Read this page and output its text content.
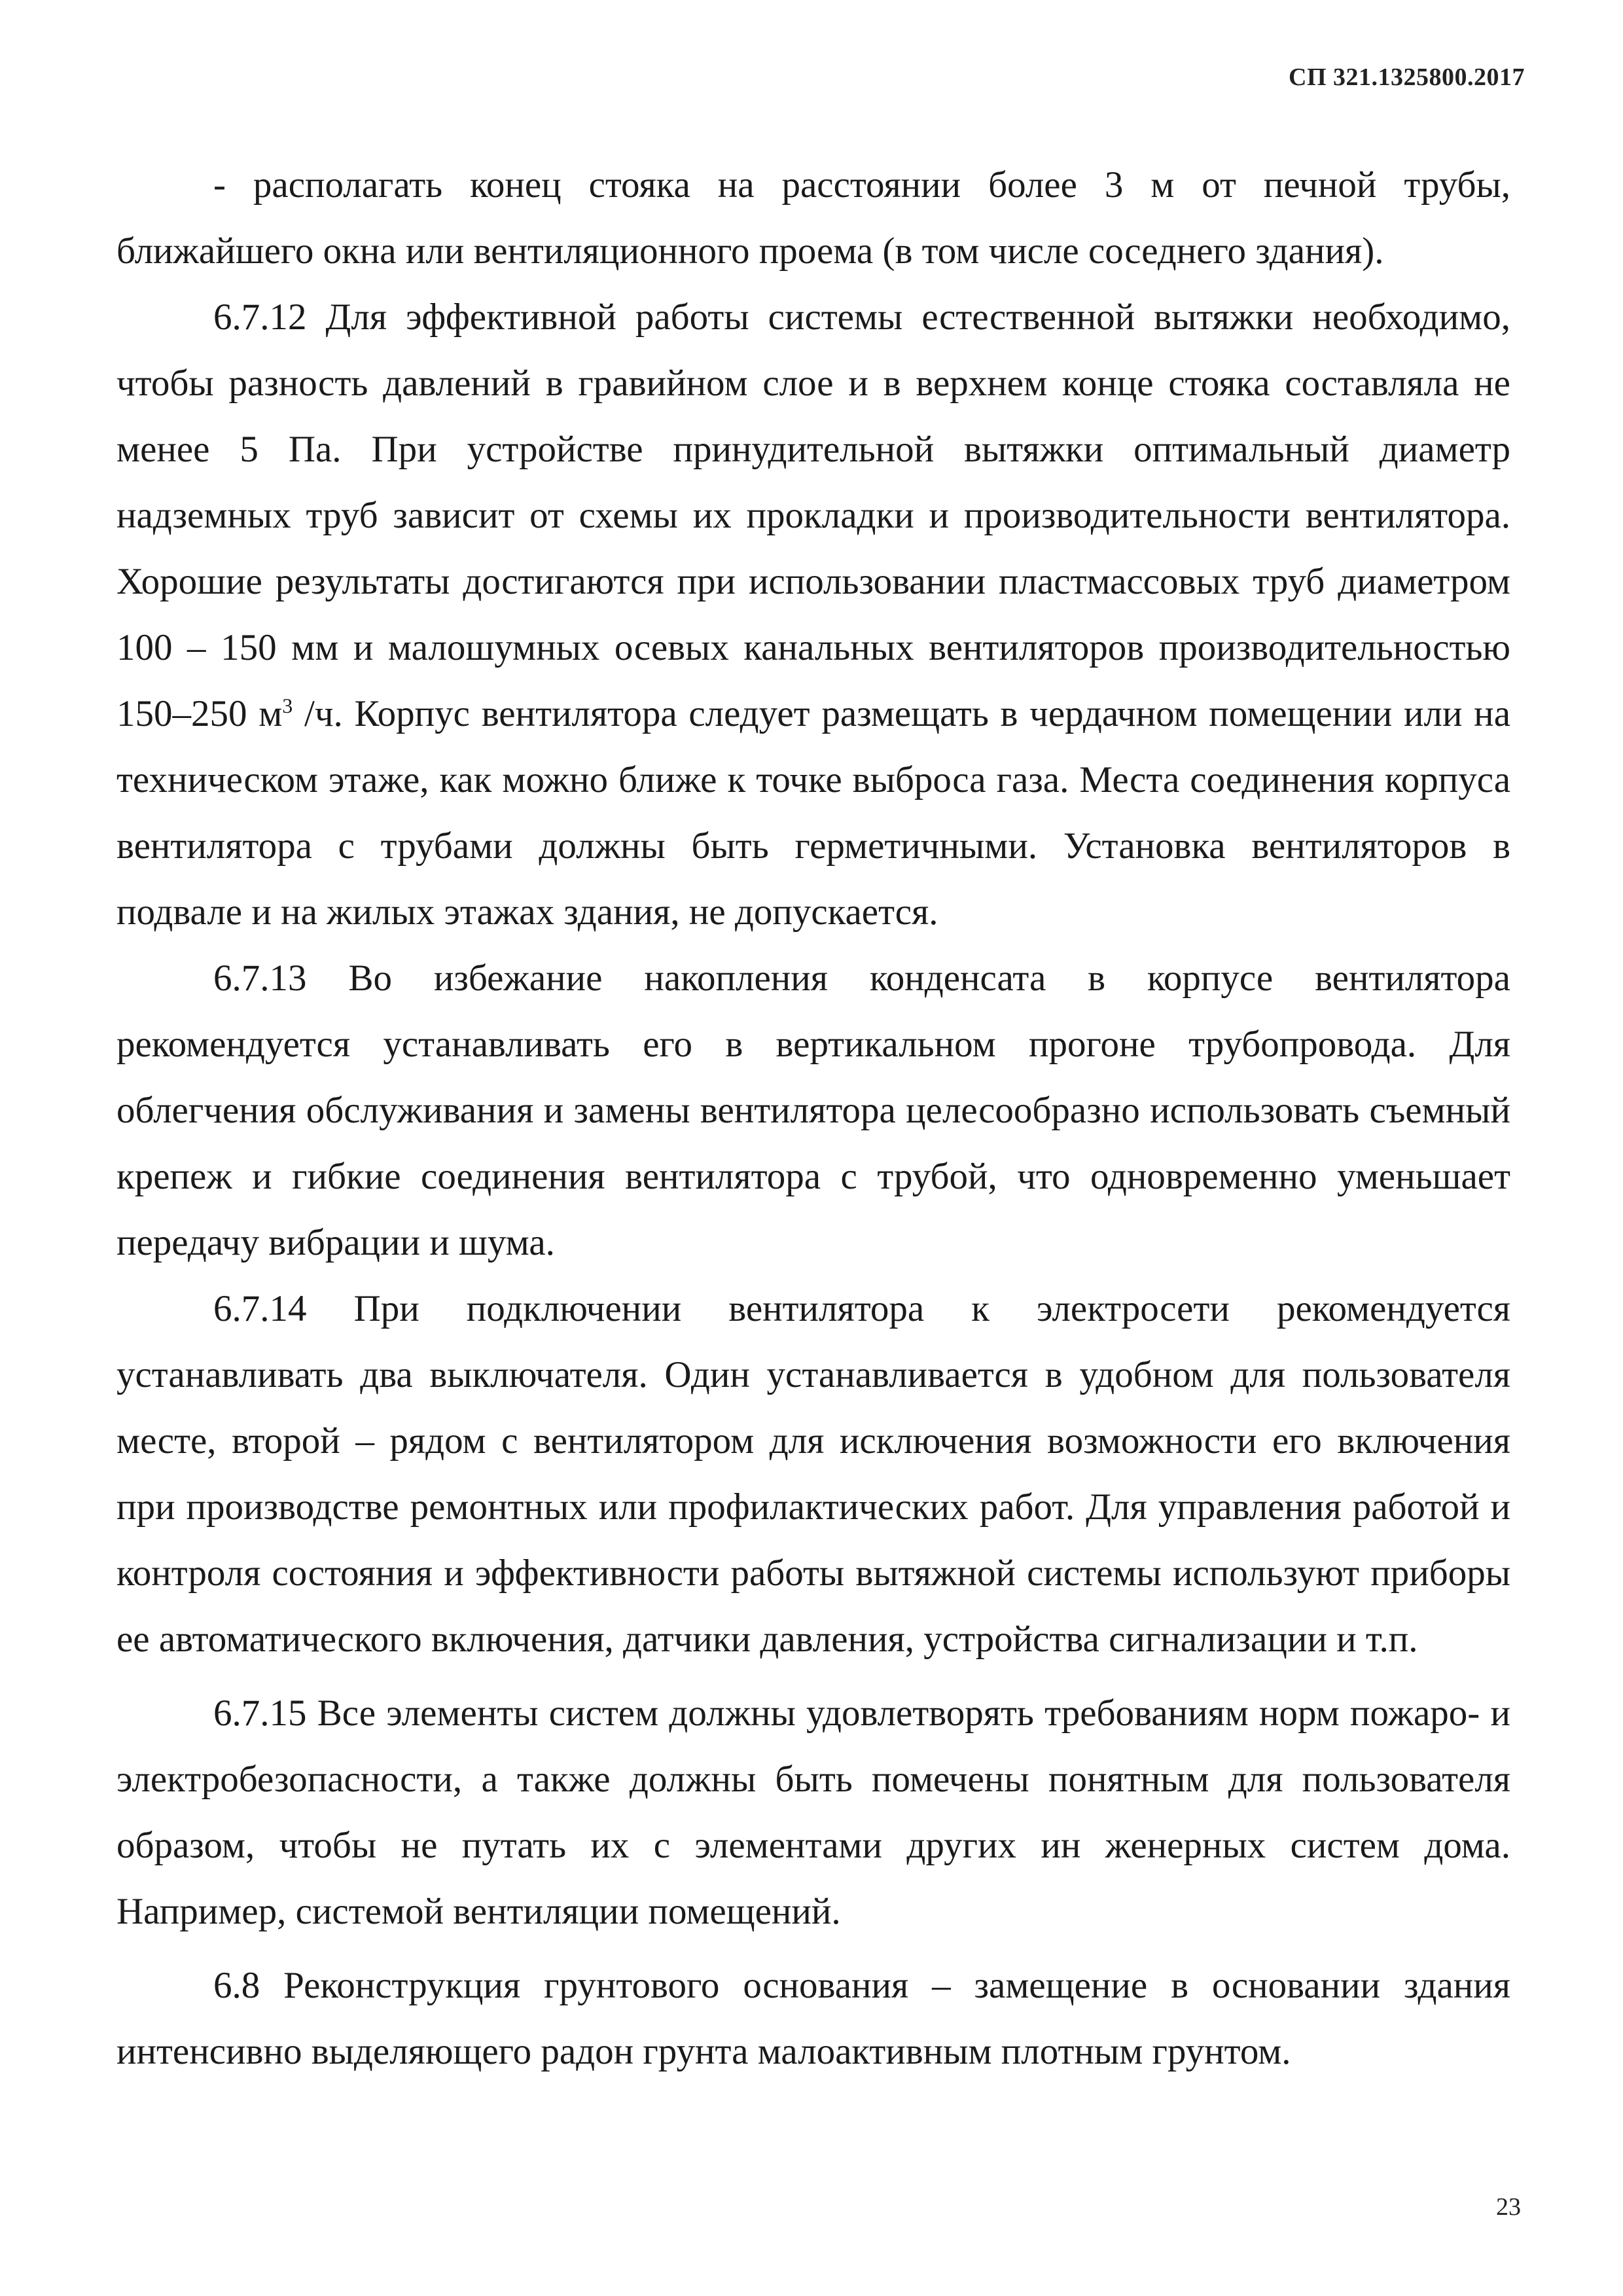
СП 321.1325800.2017

- располагать конец стояка на расстоянии более 3 м от печной трубы, ближайшего окна или вентиляционного проема (в том числе соседнего здания).

6.7.12 Для эффективной работы системы естественной вытяжки необходимо, чтобы разность давлений в гравийном слое и в верхнем конце стояка составляла не менее 5 Па. При устройстве принудительной вытяжки оптимальный диаметр надземных труб зависит от схемы их прокладки и производительности вентилятора. Хорошие результаты достигаются при использовании пластмассовых труб диаметром 100 – 150 мм и малошумных осевых канальных вентиляторов производительностью 150–250 $м^3$ /ч. Корпус вентилятора следует размещать в чердачном помещении или на техническом этаже, как можно ближе к точке выброса газа. Места соединения корпуса вентилятора с трубами должны быть герметичными. Установка вентиляторов в подвале и на жилых этажах здания, не допускается.

6.7.13 Во избежание накопления конденсата в корпусе вентилятора рекомендуется устанавливать его в вертикальном прогоне трубопровода. Для облегчения обслуживания и замены вентилятора целесообразно использовать съемный крепеж и гибкие соединения вентилятора с трубой, что одновременно уменьшает передачу вибрации и шума.

6.7.14 При подключении вентилятора к электросети рекомендуется устанавливать два выключателя. Один устанавливается в удобном для пользователя месте, второй – рядом с вентилятором для исключения возможности его включения при производстве ремонтных или профилактических работ. Для управления работой и контроля состояния и эффективности работы вытяжной системы используют приборы ее автоматического включения, датчики давления, устройства сигнализации и т.п.

6.7.15 Все элементы систем должны удовлетворять требованиям норм пожаро- и электробезопасности, а также должны быть помечены понятным для пользователя образом, чтобы не путать их с элементами других ин женерных систем дома. Например, системой вентиляции помещений.

6.8 Реконструкция грунтового основания – замещение в основании здания интенсивно выделяющего радон грунта малоактивным плотным грунтом.

23
